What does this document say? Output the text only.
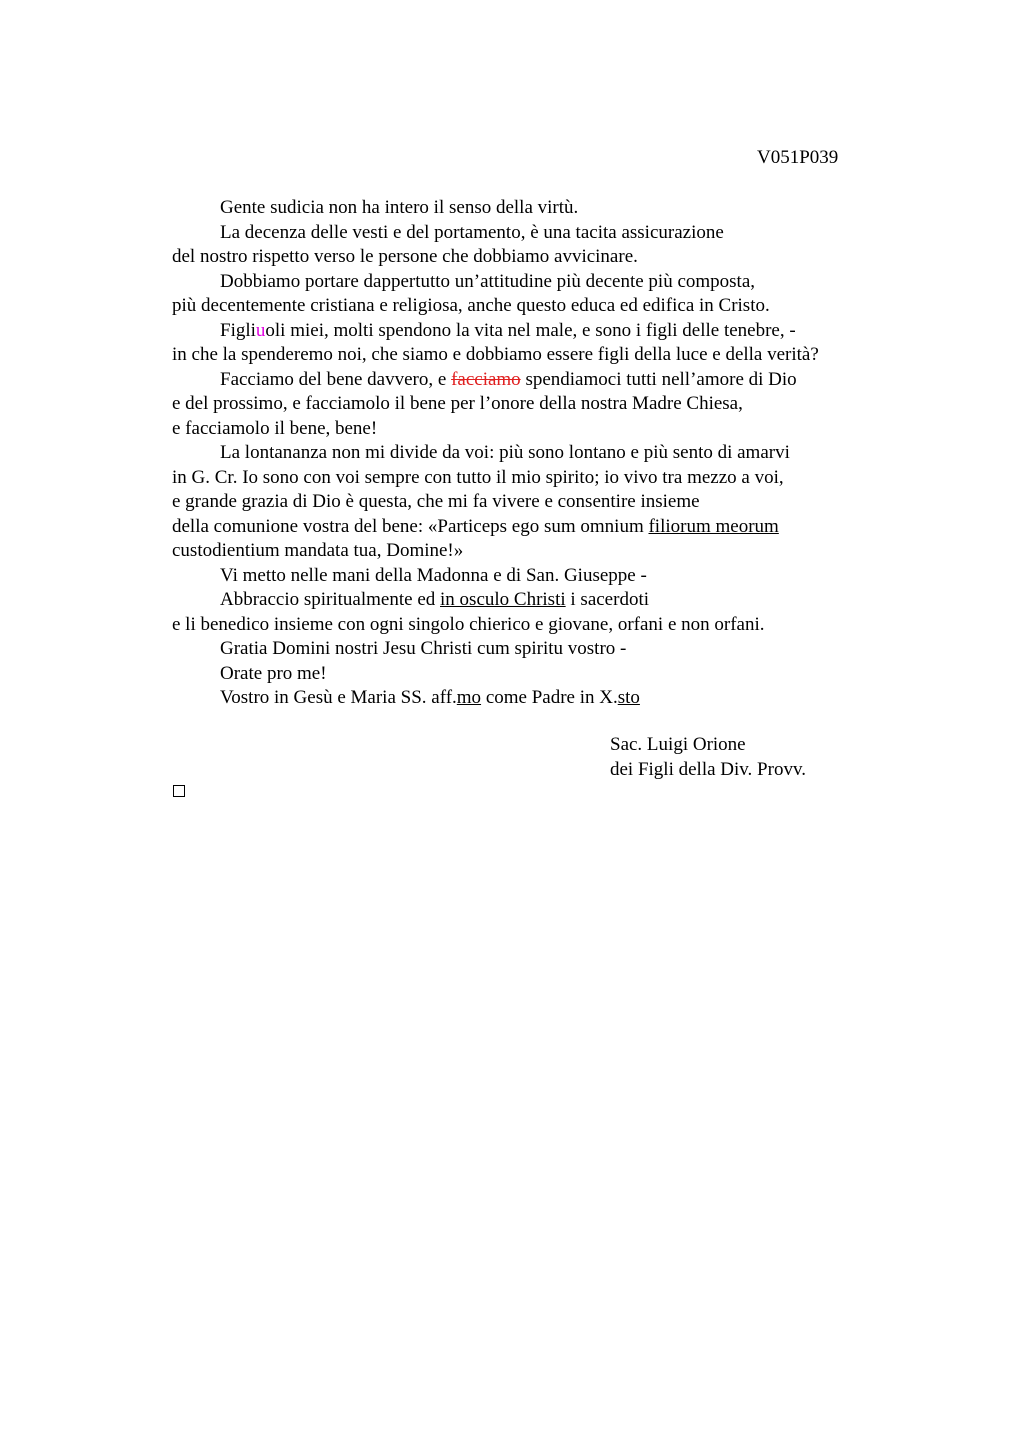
V051P039
Gente sudicia non ha intero il senso della virtù.
La decenza delle vesti e del portamento, è una tacita assicurazione
del nostro rispetto verso le persone che dobbiamo avvicinare.
Dobbiamo portare dappertutto un’attitudine più decente più composta,
più decentemente cristiana e religiosa, anche questo educa ed edifica in Cristo.
Figliuoli miei, molti spendono la vita nel male, e sono i figli delle tenebre, -
in che la spenderemo noi, che siamo e dobbiamo essere figli della luce e della verità?
Facciamo del bene davvero, e facciamo spendiamoci tutti nell’amore di Dio
e del prossimo, e facciamolo il bene per l’onore della nostra Madre Chiesa,
e facciamolo il bene, bene!
La lontananza non mi divide da voi: più sono lontano e più sento di amarvi
in G. Cr. Io sono con voi sempre con tutto il mio spirito; io vivo tra mezzo a voi,
e grande grazia di Dio è questa, che mi fa vivere e consentire insieme
della comunione vostra del bene: «Particeps ego sum omnium filiorum meorum
custodientium mandata tua, Domine!»
Vi metto nelle mani della Madonna e di San. Giuseppe -
Abbraccio spiritualmente ed in osculo Christi i sacerdoti
e li benedico insieme con ogni singolo chierico e giovane, orfani e non orfani.
Gratia Domini nostri Jesu Christi cum spiritu vostro -
Orate pro me!
Vostro in Gesù e Maria SS. aff.mo come Padre in X.sto
Sac. Luigi Orione
dei Figli della Div. Provv.
